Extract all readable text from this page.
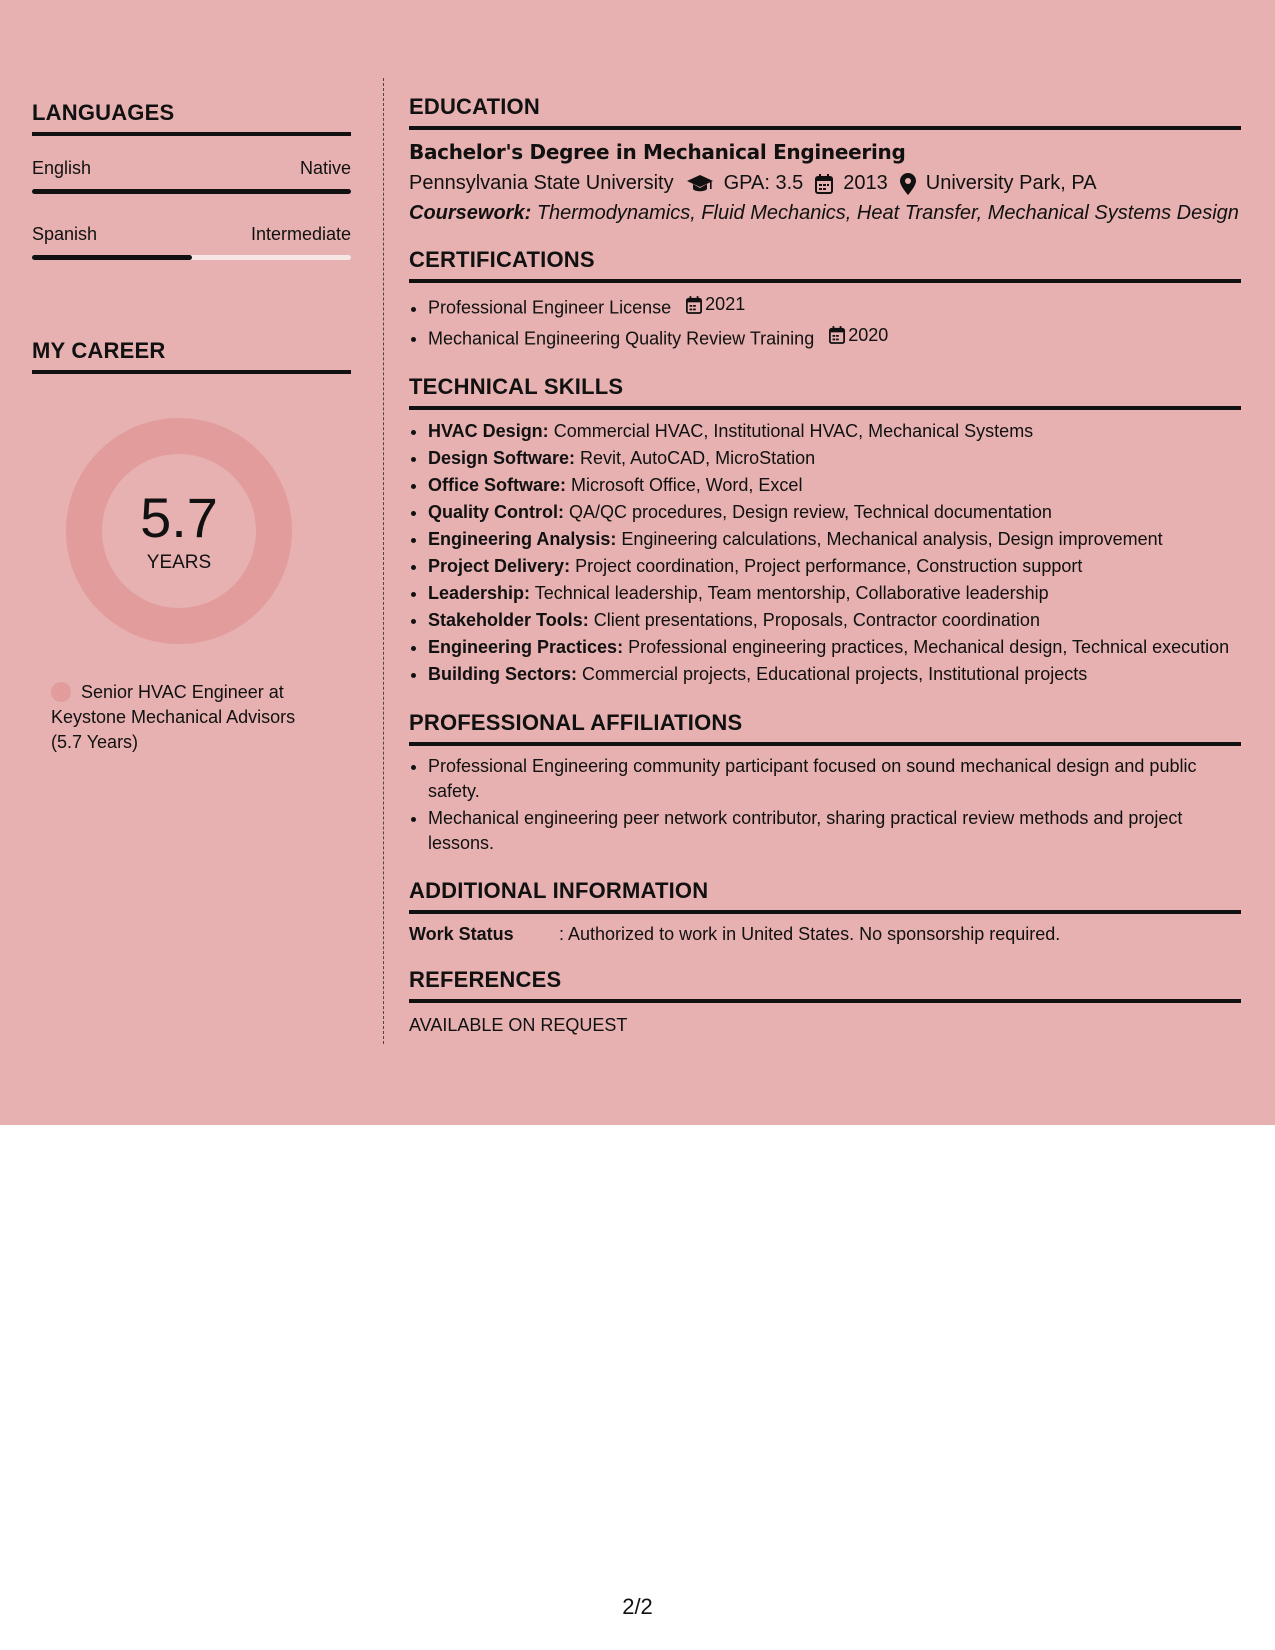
LANGUAGES
English	Native
Spanish	Intermediate
MY CAREER
5.7
YEARS
Senior HVAC Engineer at Keystone Mechanical Advisors (5.7 Years)
EDUCATION
Bachelor's Degree in Mechanical Engineering
Pennsylvania State University	GPA: 3.5 2013 University Park, PA
Coursework: Thermodynamics, Fluid Mechanics, Heat Transfer, Mechanical Systems Design
CERTIFICATIONS
• Professional Engineer License 2021
• Mechanical Engineering Quality Review Training 2020
TECHNICAL SKILLS
• HVAC Design: Commercial HVAC, Institutional HVAC, Mechanical Systems
• Design Software: Revit, AutoCAD, MicroStation
• Office Software: Microsoft Office, Word, Excel
• Quality Control: QA/QC procedures, Design review, Technical documentation
• Engineering Analysis: Engineering calculations, Mechanical analysis, Design improvement
• Project Delivery: Project coordination, Project performance, Construction support
• Leadership: Technical leadership, Team mentorship, Collaborative leadership
• Stakeholder Tools: Client presentations, Proposals, Contractor coordination
• Engineering Practices: Professional engineering practices, Mechanical design, Technical execution
• Building Sectors: Commercial projects, Educational projects, Institutional projects
PROFESSIONAL AFFILIATIONS
• Professional Engineering community participant focused on sound mechanical design and public safety.
• Mechanical engineering peer network contributor, sharing practical review methods and project lessons.
ADDITIONAL INFORMATION
Work Status	: Authorized to work in United States. No sponsorship required.
REFERENCES
AVAILABLE ON REQUEST
2/2
